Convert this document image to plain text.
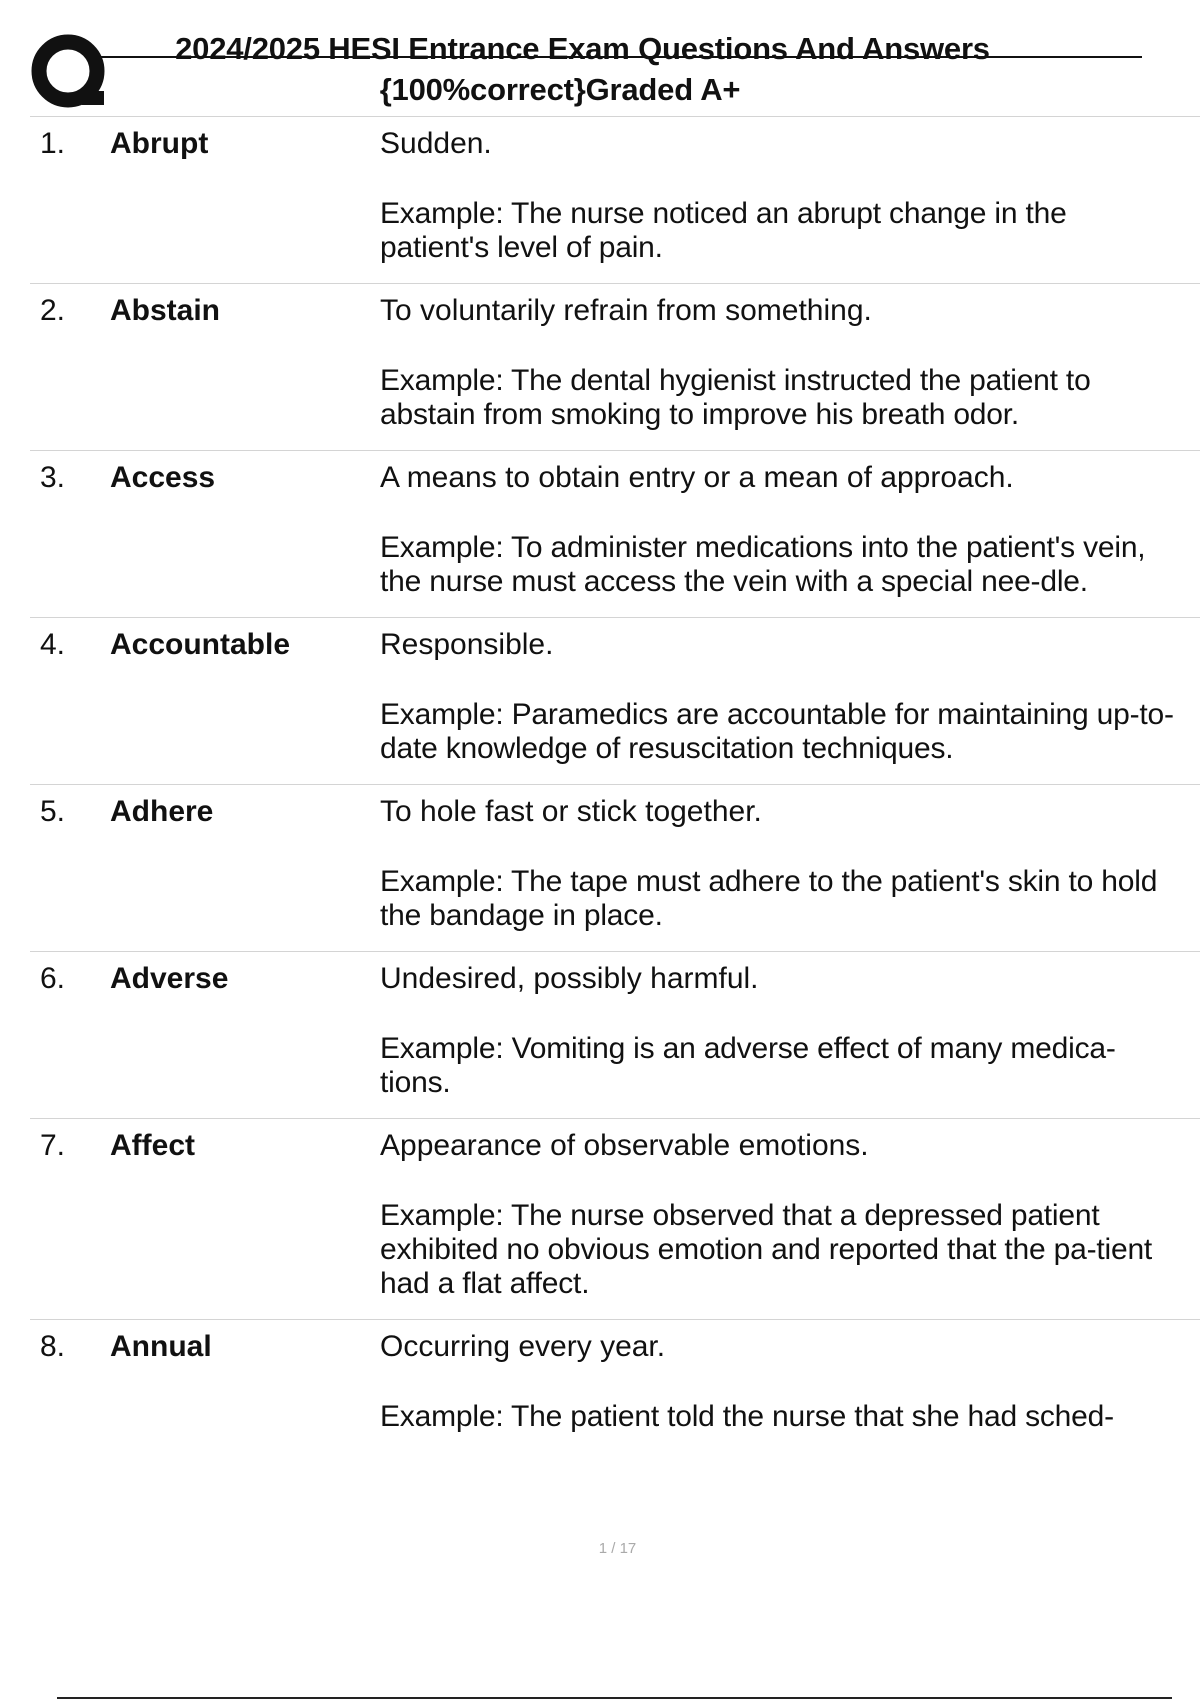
2024/2025 HESI Entrance Exam Questions And Answers
{100%correct}Graded A+
1.	Abrupt	Sudden.

Example: The nurse noticed an abrupt change in the patient's level of pain.

2.	Abstain	To voluntarily refrain from something.

Example: The dental hygienist instructed the patient to abstain from smoking to improve his breath odor.

3.	Access	A means to obtain entry or a mean of approach.

Example: To administer medications into the patient's vein, the nurse must access the vein with a special nee-dle.

4.	Accountable	Responsible.

Example: Paramedics are accountable for maintaining up-to-date knowledge of resuscitation techniques.

5.	Adhere	To hole fast or stick together.

Example: The tape must adhere to the patient's skin to hold the bandage in place.

6.	Adverse	Undesired, possibly harmful.

Example: Vomiting is an adverse effect of many medica-tions.

7.	Affect	Appearance of observable emotions.

Example: The nurse observed that a depressed patient exhibited no obvious emotion and reported that the pa-tient had a flat affect.

8.	Annual	Occurring every year.

Example: The patient told the nurse that she had sched-

1 / 17
